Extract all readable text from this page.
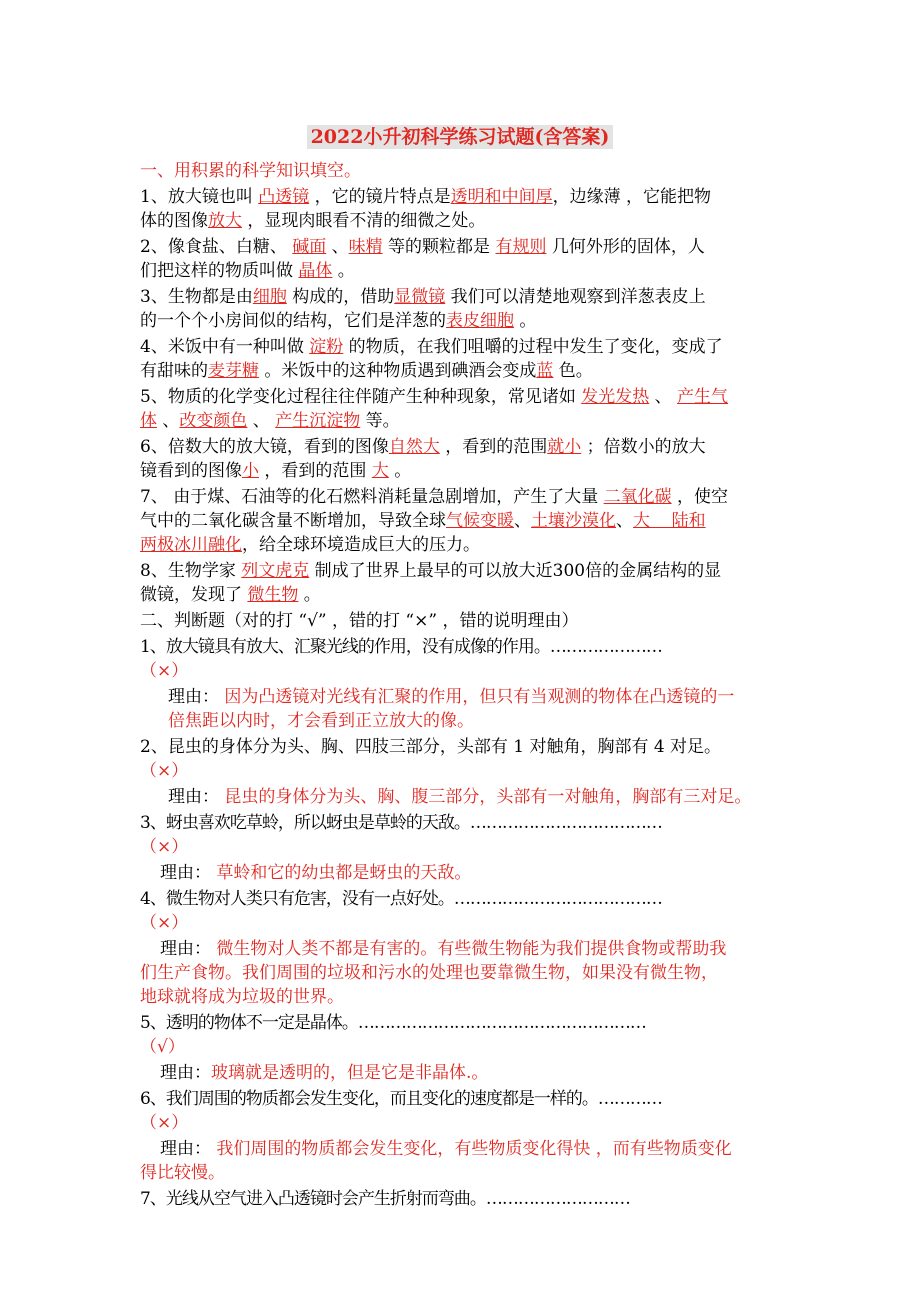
2022小升初科学练习试题(含答案)
一、用积累的科学知识填空。
1、放大镜也叫 凸透镜 ，它的镜片特点是透明和中间厚，边缘薄 ，它能把物
体的图像放大 ，显现肉眼看不清的细微之处。
2、像食盐、白糖、 碱面 、味精 等的颗粒都是 有规则 几何外形的固体，人
们把这样的物质叫做 晶体 。
3、生物都是由细胞 构成的，借助显微镜 我们可以清楚地观察到洋葱表皮上
的一个个小房间似的结构，它们是洋葱的表皮细胞 。
4、米饭中有一种叫做 淀粉 的物质，在我们咀嚼的过程中发生了变化，变成了
有甜味的麦芽糖 。米饭中的这种物质遇到碘酒会变成蓝 色。
5、物质的化学变化过程往往伴随产生种种现象，常见诸如 发光发热 、 产生气
体 、改变颜色 、 产生沉淀物 等。
6、倍数大的放大镜，看到的图像自然大 ，看到的范围就小 ；倍数小的放大
镜看到的图像小 ，看到的范围 大 。
7、 由于煤、石油等的化石燃料消耗量急剧增加，产生了大量 二氧化碳 ，使空
气中的二氧化碳含量不断增加，导致全球气候变暖、土壤沙漠化、大    陆和
两极冰川融化，给全球环境造成巨大的压力。
8、生物学家 列文虎克 制成了世界上最早的可以放大近300倍的金属结构的显
微镜，发现了 微生物 。
二、判断题（对的打 “√” ，错的打 “×” ，错的说明理由）
1、放大镜具有放大、汇聚光线的作用，没有成像的作用。…………………
（×）
理由： 因为凸透镜对光线有汇聚的作用，但只有当观测的物体在凸透镜的一
倍焦距以内时，才会看到正立放大的像。
2、昆虫的身体分为头、胸、四肢三部分，头部有 1 对触角，胸部有 4 对足。
（×）
理由： 昆虫的身体分为头、胸、腹三部分，头部有一对触角，胸部有三对足。
3、蚜虫喜欢吃草蛉，所以蚜虫是草蛉的天敌。………………………………
（×）
理由： 草蛉和它的幼虫都是蚜虫的天敌。
4、微生物对人类只有危害，没有一点好处。…………………………………
（×）
理由： 微生物对人类不都是有害的。有些微生物能为我们提供食物或帮助我
们生产食物。我们周围的垃圾和污水的处理也要靠微生物，如果没有微生物，
地球就将成为垃圾的世界。
5、透明的物体不一定是晶体。………………………………………………
（√）
理由：玻璃就是透明的，但是它是非晶体.。
6、我们周围的物质都会发生变化，而且变化的速度都是一样的。…………
（×）
理由： 我们周围的物质都会发生变化，有些物质变化得快 ，而有些物质变化
得比较慢。
7、光线从空气进入凸透镜时会产生折射而弯曲。………………………
